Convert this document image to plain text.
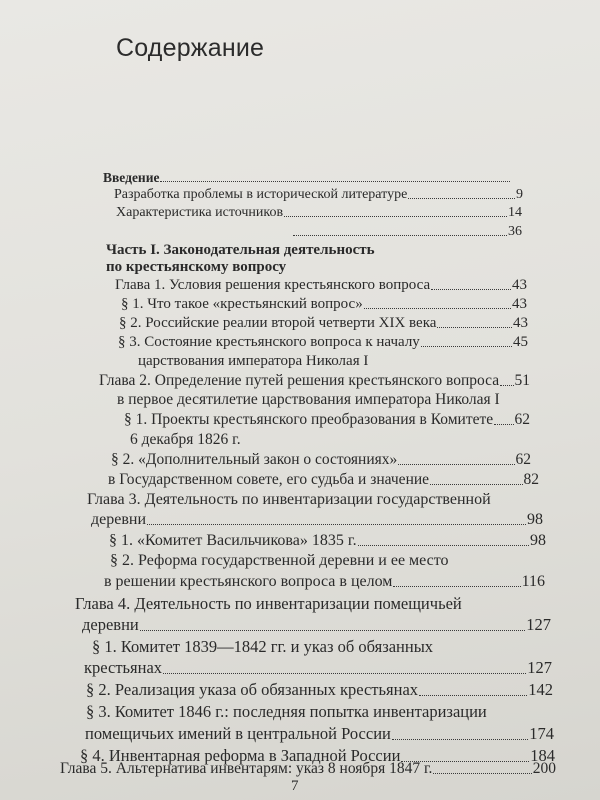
Содержание
Введение
Разработка проблемы в исторической литературе	9
Характеристика источников	14
36
Часть I. Законодательная деятельность
по крестьянскому вопросу
Глава 1. Условия решения крестьянского вопроса	43
§ 1. Что такое «крестьянский вопрос»	43
§ 2. Российские реалии второй четверти XIX века	43
§ 3. Состояние крестьянского вопроса к началу	45
царствования императора Николая I
Глава 2. Определение путей решения крестьянского вопроса 51
в первое десятилетие царствования императора Николая I
§ 1. Проекты крестьянского преобразования в Комитете 62
6 декабря 1826 г.
§ 2. «Дополнительный закон о состояниях»	62
в Государственном совете, его судьба и значение	82
Глава 3. Деятельность по инвентаризации государственной
деревни	98
§ 1. «Комитет Васильчикова» 1835 г.	98
§ 2. Реформа государственной деревни и ее место
в решении крестьянского вопроса в целом	116
Глава 4. Деятельность по инвентаризации помещичьей
деревни	127
§ 1. Комитет 1839—1842 гг. и указ об обязанных
крестьянах	127
§ 2. Реализация указа об обязанных крестьянах	142
§ 3. Комитет 1846 г.: последняя попытка инвентаризации
помещичьих имений в центральной России	174
§ 4. Инвентарная реформа в Западной России	184
Глава 5. Альтернатива инвентарям: указ 8 ноября 1847 г.	200
7
